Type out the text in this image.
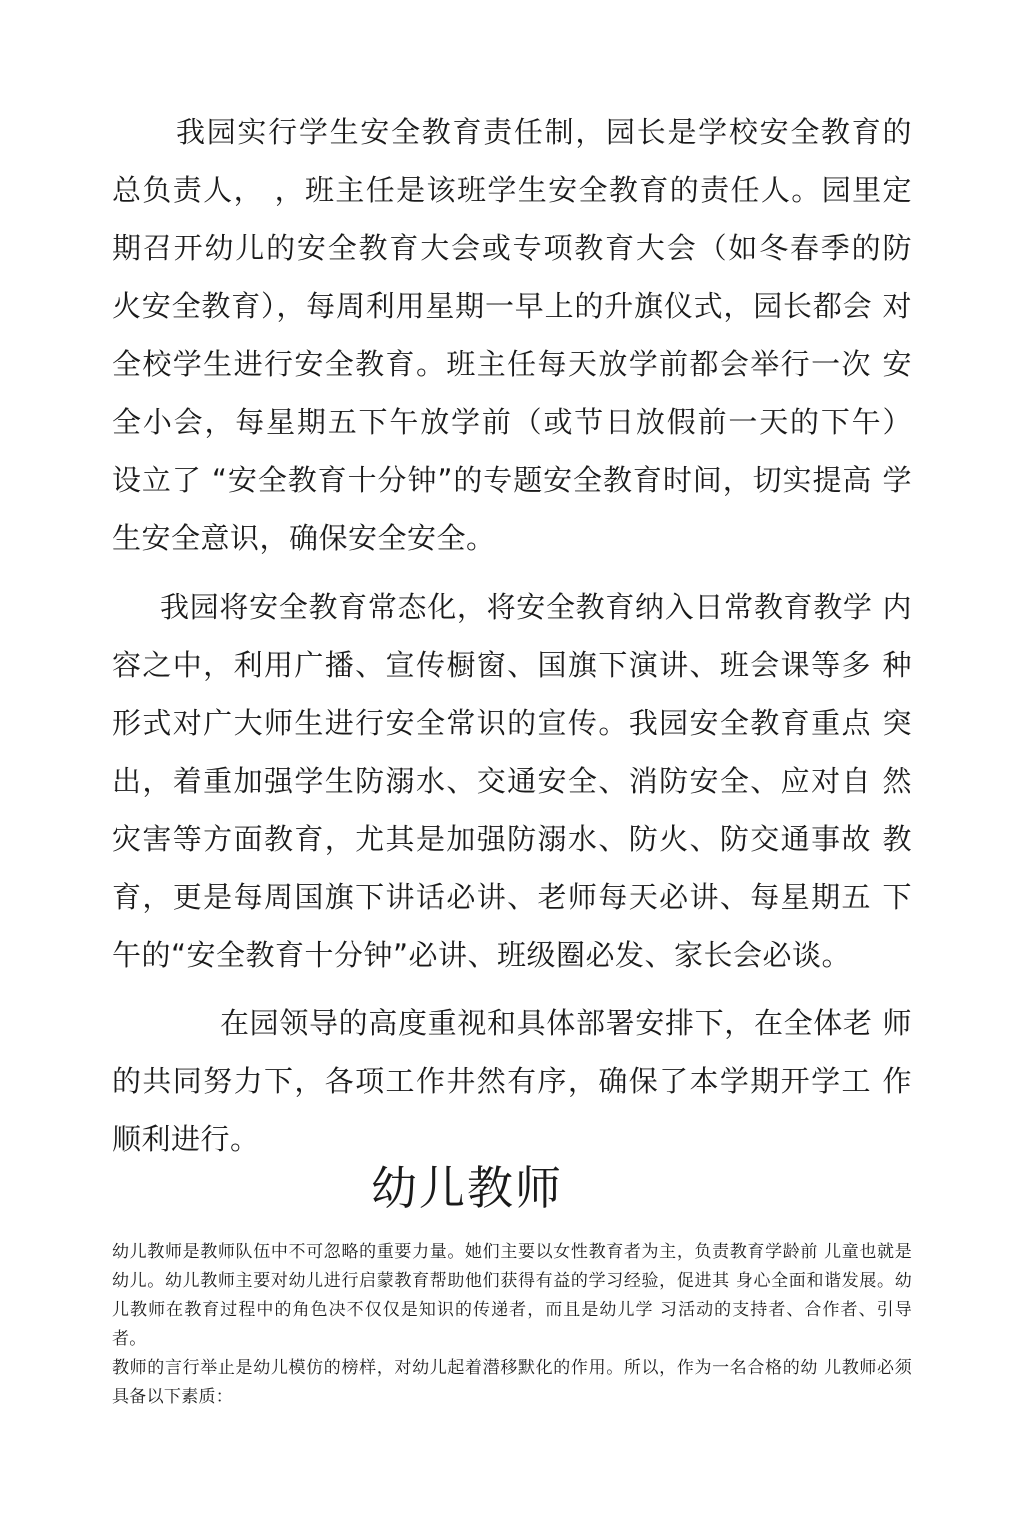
我园实行学生安全教育责任制，园长是学校安全教育的 总负责人， ，班主任是该班学生安全教育的责任人。园里定 期召开幼儿的安全教育大会或专项教育大会（如冬春季的防 火安全教育），每周利用星期一早上的升旗仪式，园长都会 对全校学生进行安全教育。班主任每天放学前都会举行一次 安全小会，每星期五下午放学前（或节日放假前一天的下午） 设立了 “安全教育十分钟”的专题安全教育时间，切实提高 学生安全意识，确保安全安全。

我园将安全教育常态化，将安全教育纳入日常教育教学 内容之中，利用广播、宣传橱窗、国旗下演讲、班会课等多 种形式对广大师生进行安全常识的宣传。我园安全教育重点 突出，着重加强学生防溺水、交通安全、消防安全、应对自 然灾害等方面教育，尤其是加强防溺水、防火、防交通事故 教育，更是每周国旗下讲话必讲、老师每天必讲、每星期五 下午的“安全教育十分钟”必讲、班级圈必发、家长会必谈。

在园领导的高度重视和具体部署安排下，在全体老 师的共同努力下，各项工作井然有序，确保了本学期开学工 作顺利进行。

幼儿教师

幼儿教师是教师队伍中不可忽略的重要力量。她们主要以女性教育者为主，负责教育学龄前 儿童也就是幼儿。幼儿教师主要对幼儿进行启蒙教育帮助他们获得有益的学习经验，促进其 身心全面和谐发展。幼儿教师在教育过程中的角色决不仅仅是知识的传递者，而且是幼儿学 习活动的支持者、合作者、引导者。

教师的言行举止是幼儿模仿的榜样，对幼儿起着潜移默化的作用。所以，作为一名合格的幼 儿教师必须具备以下素质：
